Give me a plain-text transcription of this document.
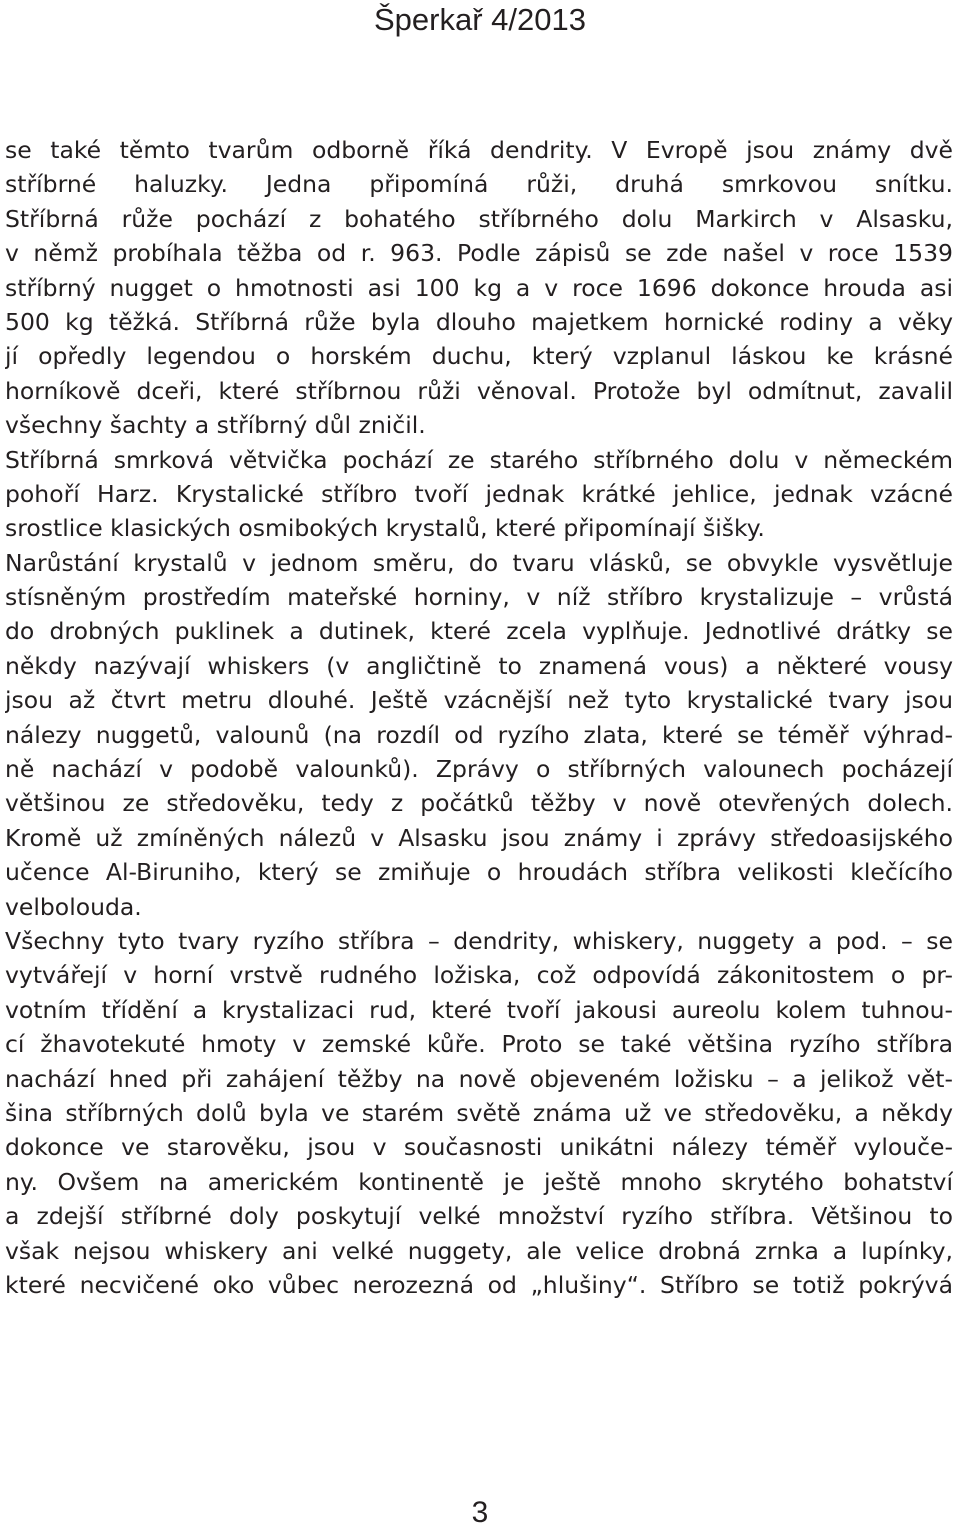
Šperkař 4/2013
se také těmto tvarům odborně říká dendrity. V Evropě jsou známy dvě
stříbrné haluzky. Jedna připomíná růži, druhá smrkovou snítku.
Stříbrná růže pochází z bohatého stříbrného dolu Markirch v Alsasku,
v němž probíhala těžba od r. 963. Podle zápisů se zde našel v roce 1539
stříbrný nugget o hmotnosti asi 100 kg a v roce 1696 dokonce hrouda asi
500 kg těžká. Stříbrná růže byla dlouho majetkem hornické rodiny a věky
jí opředly legendou o horském duchu, který vzplanul láskou ke krásné
horníkově dceři, které stříbrnou růži věnoval. Protože byl odmítnut, zavalil
všechny šachty a stříbrný důl zničil.
Stříbrná smrková větvička pochází ze starého stříbrného dolu v německém
pohoří Harz. Krystalické stříbro tvoří jednak krátké jehlice, jednak vzácné
srostlice klasických osmibokých krystalů, které připomínají šišky.
Narůstání krystalů v jednom směru, do tvaru vlásků, se obvykle vysvětluje
stísněným prostředím mateřské horniny, v níž stříbro krystalizuje – vrůstá
do drobných puklinek a dutinek, které zcela vyplňuje. Jednotlivé drátky se
někdy nazývají whiskers (v angličtině to znamená vous) a některé vousy
jsou až čtvrt metru dlouhé. Ještě vzácnější než tyto krystalické tvary jsou
nálezy nuggetů, valounů (na rozdíl od ryzího zlata, které se téměř výhrad-
ně nachází v podobě valounků). Zprávy o stříbrných valounech pocházejí
většinou ze středověku, tedy z počátků těžby v nově otevřených dolech.
Kromě už zmíněných nálezů v Alsasku jsou známy i zprávy středoasijského
učence Al-Biruniho, který se zmiňuje o hroudách stříbra velikosti klečícího
velbolouda.
Všechny tyto tvary ryzího stříbra – dendrity, whiskery, nuggety a pod. – se
vytvářejí v horní vrstvě rudného ložiska, což odpovídá zákonitostem o pr-
votním třídění a krystalizaci rud, které tvoří jakousi aureolu kolem tuhnou-
cí žhavotekuté hmoty v zemské kůře. Proto se také většina ryzího stříbra
nachází hned při zahájení těžby na nově objeveném ložisku – a jelikož vět-
šina stříbrných dolů byla ve starém světě známa už ve středověku, a někdy
dokonce ve starověku, jsou v současnosti unikátni nálezy téměř vylouče-
ny. Ovšem na americkém kontinentě je ještě mnoho skrytého bohatství
a zdejší stříbrné doly poskytují velké množství ryzího stříbra. Většinou to
však nejsou whiskery ani velké nuggety, ale velice drobná zrnka a lupínky,
které necvičené oko vůbec nerozezná od „hlušiny“. Stříbro se totiž pokrývá
3
